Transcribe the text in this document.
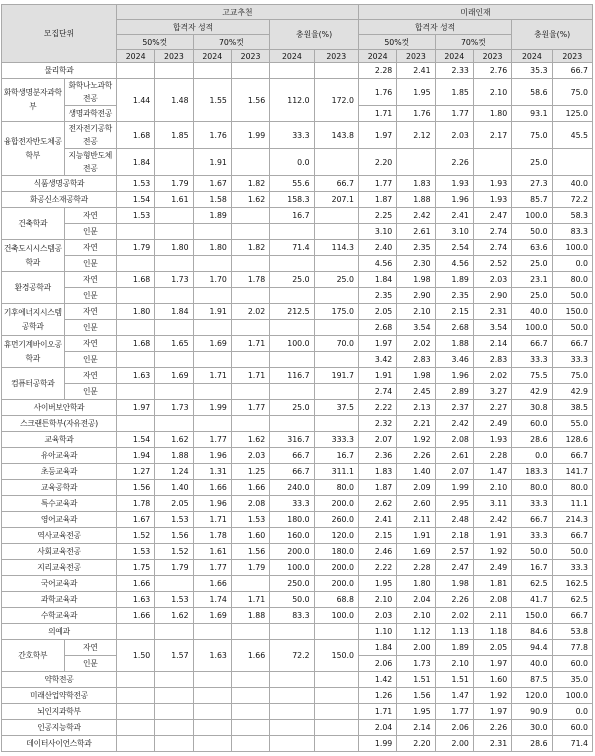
모집단위		고교추천						미래인재					
		합격자 성적				충원율(%)		합격자 성적				충원율(%)	
		50%컷		70%컷				50%컷		70%컷			
		2024	2023	2024	2023	2024	2023	2024	2023	2024	2023	2024	2023
물리학과								2.28	2.41	2.33	2.76	35.3	66.7
화학생명분자과학부	화학나노과학전공	1.44	1.48	1.55	1.56	112.0	172.0	1.76	1.95	1.85	2.10	58.6	75.0
	생명과학전공							1.71	1.76	1.77	1.80	93.1	125.0
융합전자반도체공학부	전자전기공학전공	1.68	1.85	1.76	1.99	33.3	143.8	1.97	2.12	2.03	2.17	75.0	45.5
	지능형반도체전공	1.84		1.91		0.0		2.20		2.26		25.0	
식품생명공학과		1.53	1.79	1.67	1.82	55.6	66.7	1.77	1.83	1.93	1.93	27.3	40.0
화공신소재공학과		1.54	1.61	1.58	1.62	158.3	207.1	1.87	1.88	1.96	1.93	85.7	72.2
건축학과	자연	1.53		1.89		16.7		2.25	2.42	2.41	2.47	100.0	58.3
	인문							3.10	2.61	3.10	2.74	50.0	83.3
건축도시시스템공학과	자연	1.79	1.80	1.80	1.82	71.4	114.3	2.40	2.35	2.54	2.74	63.6	100.0
	인문							4.56	2.30	4.56	2.52	25.0	0.0
환경공학과	자연	1.68	1.73	1.70	1.78	25.0	25.0	1.84	1.98	1.89	2.03	23.1	80.0
	인문							2.35	2.90	2.35	2.90	25.0	50.0
기후에너지시스템공학과	자연	1.80	1.84	1.91	2.02	212.5	175.0	2.05	2.10	2.15	2.31	40.0	150.0
	인문							2.68	3.54	2.68	3.54	100.0	50.0
휴먼기계바이오공학과	자연	1.68	1.65	1.69	1.71	100.0	70.0	1.97	2.02	1.88	2.14	66.7	66.7
	인문							3.42	2.83	3.46	2.83	33.3	33.3
컴퓨터공학과	자연	1.63	1.69	1.71	1.71	116.7	191.7	1.91	1.98	1.96	2.02	75.5	75.0
	인문							2.74	2.45	2.89	3.27	42.9	42.9
사이버보안학과		1.97	1.73	1.99	1.77	25.0	37.5	2.22	2.13	2.37	2.27	30.8	38.5
스크랜튼학부(자유전공)								2.32	2.21	2.42	2.49	60.0	55.0
교육학과		1.54	1.62	1.77	1.62	316.7	333.3	2.07	1.92	2.08	1.93	28.6	128.6
유아교육과		1.94	1.88	1.96	2.03	66.7	16.7	2.36	2.26	2.61	2.28	0.0	66.7
초등교육과		1.27	1.24	1.31	1.25	66.7	311.1	1.83	1.40	2.07	1.47	183.3	141.7
교육공학과		1.56	1.40	1.66	1.66	240.0	80.0	1.87	2.09	1.99	2.10	80.0	80.0
특수교육과		1.78	2.05	1.96	2.08	33.3	200.0	2.62	2.60	2.95	3.11	33.3	11.1
영어교육과		1.67	1.53	1.71	1.53	180.0	260.0	2.41	2.11	2.48	2.42	66.7	214.3
역사교육전공		1.52	1.56	1.78	1.60	160.0	120.0	2.15	1.91	2.18	1.91	33.3	66.7
사회교육전공		1.53	1.52	1.61	1.56	200.0	180.0	2.46	1.69	2.57	1.92	50.0	50.0
지리교육전공		1.75	1.79	1.77	1.79	100.0	200.0	2.22	2.28	2.47	2.49	16.7	33.3
국어교육과		1.66		1.66		250.0	200.0	1.95	1.80	1.98	1.81	62.5	162.5
과학교육과		1.63	1.53	1.74	1.71	50.0	68.8	2.10	2.04	2.26	2.08	41.7	62.5
수학교육과		1.66	1.62	1.69	1.88	83.3	100.0	2.03	2.10	2.02	2.11	150.0	66.7
의예과								1.10	1.12	1.13	1.18	84.6	53.8
간호학부	자연	1.50	1.57	1.63	1.66	72.2	150.0	1.84	2.00	1.89	2.05	94.4	77.8
	인문							2.06	1.73	2.10	1.97	40.0	60.0
약학전공								1.42	1.51	1.51	1.60	87.5	35.0
미래산업약학전공								1.26	1.56	1.47	1.92	120.0	100.0
뇌인지과학부								1.71	1.95	1.77	1.97	90.9	0.0
인공지능학과								2.04	2.14	2.06	2.26	30.0	60.0
데이터사이언스학과								1.99	2.20	2.00	2.31	28.6	71.4
